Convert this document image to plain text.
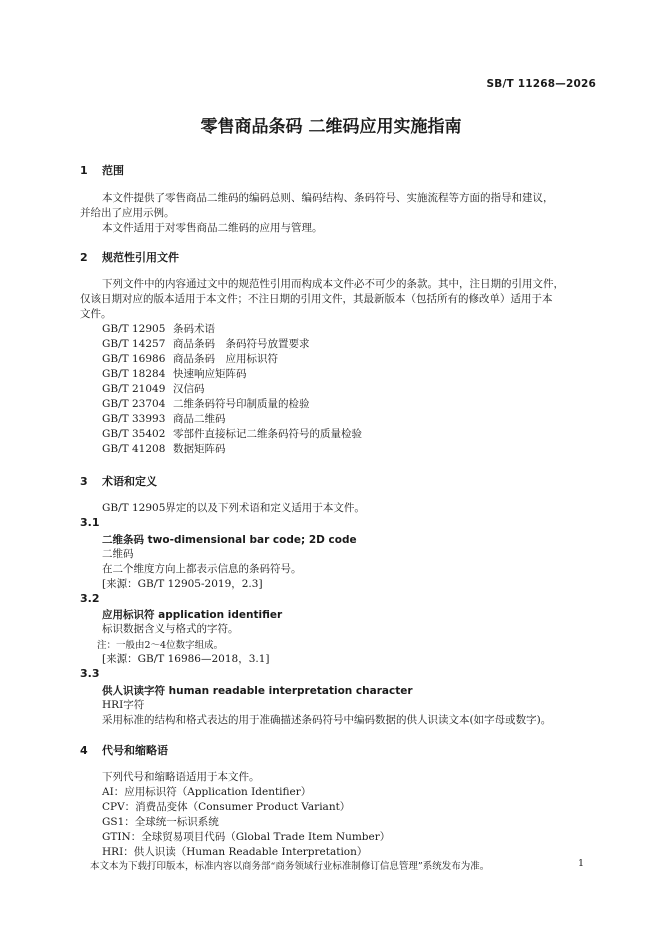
SB/T 11268—2026
零售商品条码 二维码应用实施指南
1 范围
本文件提供了零售商品二维码的编码总则、编码结构、条码符号、实施流程等方面的指导和建议，
并给出了应用示例。
本文件适用于对零售商品二维码的应用与管理。
2 规范性引用文件
下列文件中的内容通过文中的规范性引用而构成本文件必不可少的条款。其中，注日期的引用文件，
仅该日期对应的版本适用于本文件；不注日期的引用文件，其最新版本（包括所有的修改单）适用于本
文件。
GB/T 12905 条码术语
GB/T 14257 商品条码　条码符号放置要求
GB/T 16986 商品条码　应用标识符
GB/T 18284 快速响应矩阵码
GB/T 21049 汉信码
GB/T 23704 二维条码符号印制质量的检验
GB/T 33993 商品二维码
GB/T 35402 零部件直接标记二维条码符号的质量检验
GB/T 41208 数据矩阵码
3 术语和定义
GB/T 12905界定的以及下列术语和定义适用于本文件。
3.1
二维条码 two-dimensional bar code; 2D code
二维码
在二个维度方向上都表示信息的条码符号。
[来源：GB/T 12905-2019，2.3]
3.2
应用标识符 application identifier
标识数据含义与格式的字符。
注：一般由2～4位数字组成。
[来源：GB/T 16986—2018，3.1]
3.3
供人识读字符 human readable interpretation character
HRI字符
采用标准的结构和格式表达的用于准确描述条码符号中编码数据的供人识读文本(如字母或数字)。
4 代号和缩略语
下列代号和缩略语适用于本文件。
AI：应用标识符（Application Identifier）
CPV：消费品变体（Consumer Product Variant）
GS1：全球统一标识系统
GTIN：全球贸易项目代码（Global Trade Item Number）
HRI：供人识读（Human Readable Interpretation）
本文本为下载打印版本，标准内容以商务部“商务领域行业标准制修订信息管理”系统发布为准。	1
